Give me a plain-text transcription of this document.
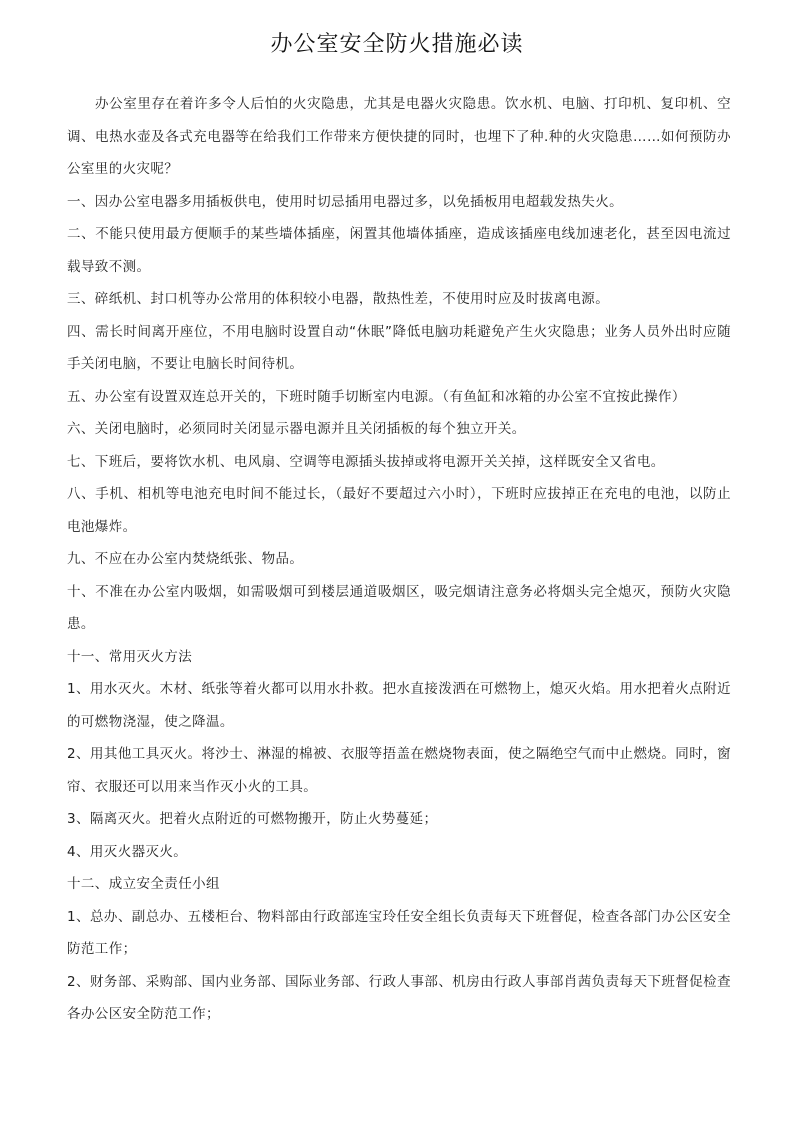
办公室安全防火措施必读

办公室里存在着许多令人后怕的火灾隐患，尤其是电器火灾隐患。饮水机、电脑、打印机、复印机、空调、电热水壶及各式充电器等在给我们工作带来方便快捷的同时，也埋下了种.种的火灾隐患……如何预防办公室里的火灾呢？

一、因办公室电器多用插板供电，使用时切忌插用电器过多，以免插板用电超载发热失火。

二、不能只使用最方便顺手的某些墙体插座，闲置其他墙体插座，造成该插座电线加速老化，甚至因电流过载导致不测。

三、碎纸机、封口机等办公常用的体积较小电器，散热性差，不使用时应及时拔离电源。

四、需长时间离开座位，不用电脑时设置自动“休眠”降低电脑功耗避免产生火灾隐患；业务人员外出时应随手关闭电脑，不要让电脑长时间待机。

五、办公室有设置双连总开关的，下班时随手切断室内电源。（有鱼缸和冰箱的办公室不宜按此操作）

六、关闭电脑时，必须同时关闭显示器电源并且关闭插板的每个独立开关。

七、下班后，要将饮水机、电风扇、空调等电源插头拔掉或将电源开关关掉，这样既安全又省电。

八、手机、相机等电池充电时间不能过长，（最好不要超过六小时），下班时应拔掉正在充电的电池，以防止电池爆炸。

九、不应在办公室内焚烧纸张、物品。

十、不准在办公室内吸烟，如需吸烟可到楼层通道吸烟区，吸完烟请注意务必将烟头完全熄灭，预防火灾隐患。

十一、常用灭火方法

1、用水灭火。木材、纸张等着火都可以用水扑救。把水直接泼洒在可燃物上，熄灭火焰。用水把着火点附近的可燃物浇湿，使之降温。

2、用其他工具灭火。将沙士、淋湿的棉被、衣服等捂盖在燃烧物表面，使之隔绝空气而中止燃烧。同时，窗帘、衣服还可以用来当作灭小火的工具。

3、隔离灭火。把着火点附近的可燃物搬开，防止火势蔓延；

4、用灭火器灭火。

十二、成立安全责任小组

1、总办、副总办、五楼柜台、物料部由行政部连宝玲任安全组长负责每天下班督促，检查各部门办公区安全防范工作；

2、财务部、采购部、国内业务部、国际业务部、行政人事部、机房由行政人事部肖茜负责每天下班督促检查各办公区安全防范工作；
